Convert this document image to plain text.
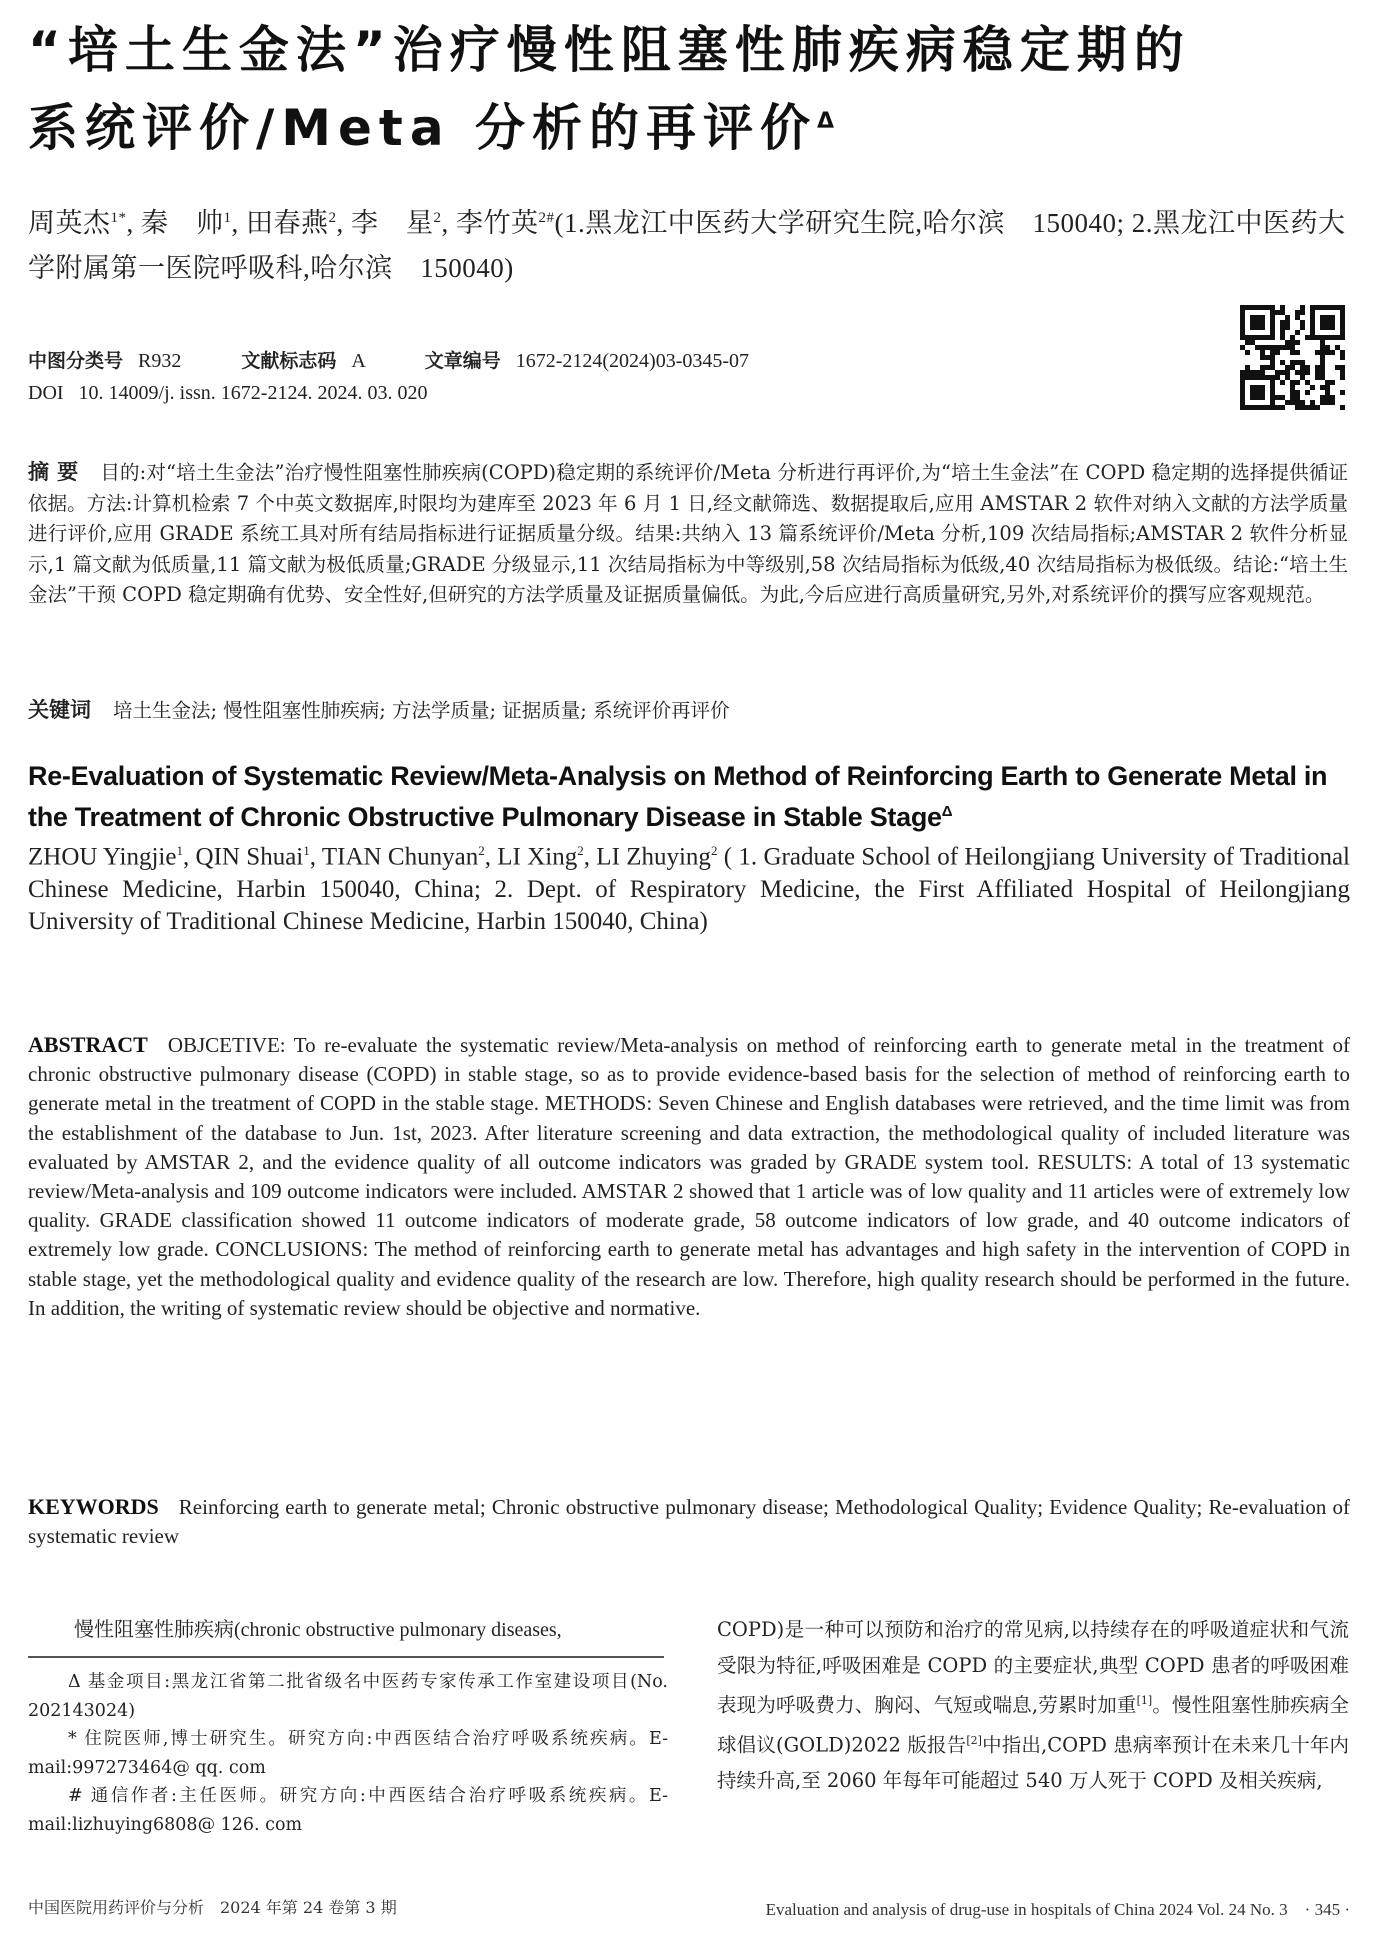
“培土生金法”治疗慢性阻塞性肺疾病稳定期的
系统评价/Meta 分析的再评价$^\Delta$
周英杰$^{1*}$, 秦　帅$^1$, 田春燕$^2$, 李　星$^2$, 李竹英$^{2\#}$(1.黑龙江中医药大学研究生院,哈尔滨　150040; 2.黑龙江中医药大学附属第一医院呼吸科,哈尔滨　150040)
中图分类号 R932	文献标志码 A	文章编号 1672-2124(2024)03-0345-07
DOI 10. 14009/j. issn. 1672-2124. 2024. 03. 020
摘要 目的:对“培土生金法”治疗慢性阻塞性肺疾病(COPD)稳定期的系统评价/Meta 分析进行再评价,为“培土生金法”在 COPD 稳定期的选择提供循证依据。方法:计算机检索 7 个中英文数据库,时限均为建库至 2023 年 6 月 1 日,经文献筛选、数据提取后,应用 AMSTAR 2 软件对纳入文献的方法学质量进行评价,应用 GRADE 系统工具对所有结局指标进行证据质量分级。结果:共纳入 13 篇系统评价/Meta 分析,109 次结局指标;AMSTAR 2 软件分析显示,1 篇文献为低质量,11 篇文献为极低质量;GRADE 分级显示,11 次结局指标为中等级别,58 次结局指标为低级,40 次结局指标为极低级。结论:“培土生金法”干预 COPD 稳定期确有优势、安全性好,但研究的方法学质量及证据质量偏低。为此,今后应进行高质量研究,另外,对系统评价的撰写应客观规范。
关键词 培土生金法; 慢性阻塞性肺疾病; 方法学质量; 证据质量; 系统评价再评价
Re-Evaluation of Systematic Review/Meta-Analysis on Method of Reinforcing Earth to Generate Metal in the Treatment of Chronic Obstructive Pulmonary Disease in Stable Stage$^\Delta$
ZHOU Yingjie$^1$, QIN Shuai$^1$, TIAN Chunyan$^2$, LI Xing$^2$, LI Zhuying$^2$ ( 1. Graduate School of Heilongjiang University of Traditional Chinese Medicine, Harbin 150040, China; 2. Dept. of Respiratory Medicine, the First Affiliated Hospital of Heilongjiang University of Traditional Chinese Medicine, Harbin 150040, China)
ABSTRACT OBJCETIVE: To re-evaluate the systematic review/Meta-analysis on method of reinforcing earth to generate metal in the treatment of chronic obstructive pulmonary disease (COPD) in stable stage, so as to provide evidence-based basis for the selection of method of reinforcing earth to generate metal in the treatment of COPD in the stable stage. METHODS: Seven Chinese and English databases were retrieved, and the time limit was from the establishment of the database to Jun. 1st, 2023. After literature screening and data extraction, the methodological quality of included literature was evaluated by AMSTAR 2, and the evidence quality of all outcome indicators was graded by GRADE system tool. RESULTS: A total of 13 systematic review/Meta-analysis and 109 outcome indicators were included. AMSTAR 2 showed that 1 article was of low quality and 11 articles were of extremely low quality. GRADE classification showed 11 outcome indicators of moderate grade, 58 outcome indicators of low grade, and 40 outcome indicators of extremely low grade. CONCLUSIONS: The method of reinforcing earth to generate metal has advantages and high safety in the intervention of COPD in stable stage, yet the methodological quality and evidence quality of the research are low. Therefore, high quality research should be performed in the future. In addition, the writing of systematic review should be objective and normative.
KEYWORDS Reinforcing earth to generate metal; Chronic obstructive pulmonary disease; Methodological Quality; Evidence Quality; Re-evaluation of systematic review
慢性阻塞性肺疾病(chronic obstructive pulmonary diseases,

Δ 基金项目:黑龙江省第二批省级名中医药专家传承工作室建设项目(No. 202143024)

* 住院医师,博士研究生。研究方向:中西医结合治疗呼吸系统疾病。E-mail:997273464@ qq. com

# 通信作者:主任医师。研究方向:中西医结合治疗呼吸系统疾病。E-mail:lizhuying6808@ 126. com

COPD)是一种可以预防和治疗的常见病,以持续存在的呼吸道症状和气流受限为特征,呼吸困难是 COPD 的主要症状,典型 COPD 患者的呼吸困难表现为呼吸费力、胸闷、气短或喘息,劳累时加重[1]。慢性阻塞性肺疾病全球倡议(GOLD)2022 版报告[2]中指出,COPD 患病率预计在未来几十年内持续升高,至 2060 年每年可能超过 540 万人死于 COPD 及相关疾病,
中国医院用药评价与分析　2024 年第 24 卷第 3 期	Evaluation and analysis of drug-use in hospitals of China 2024 Vol. 24 No. 3　· 345 ·
